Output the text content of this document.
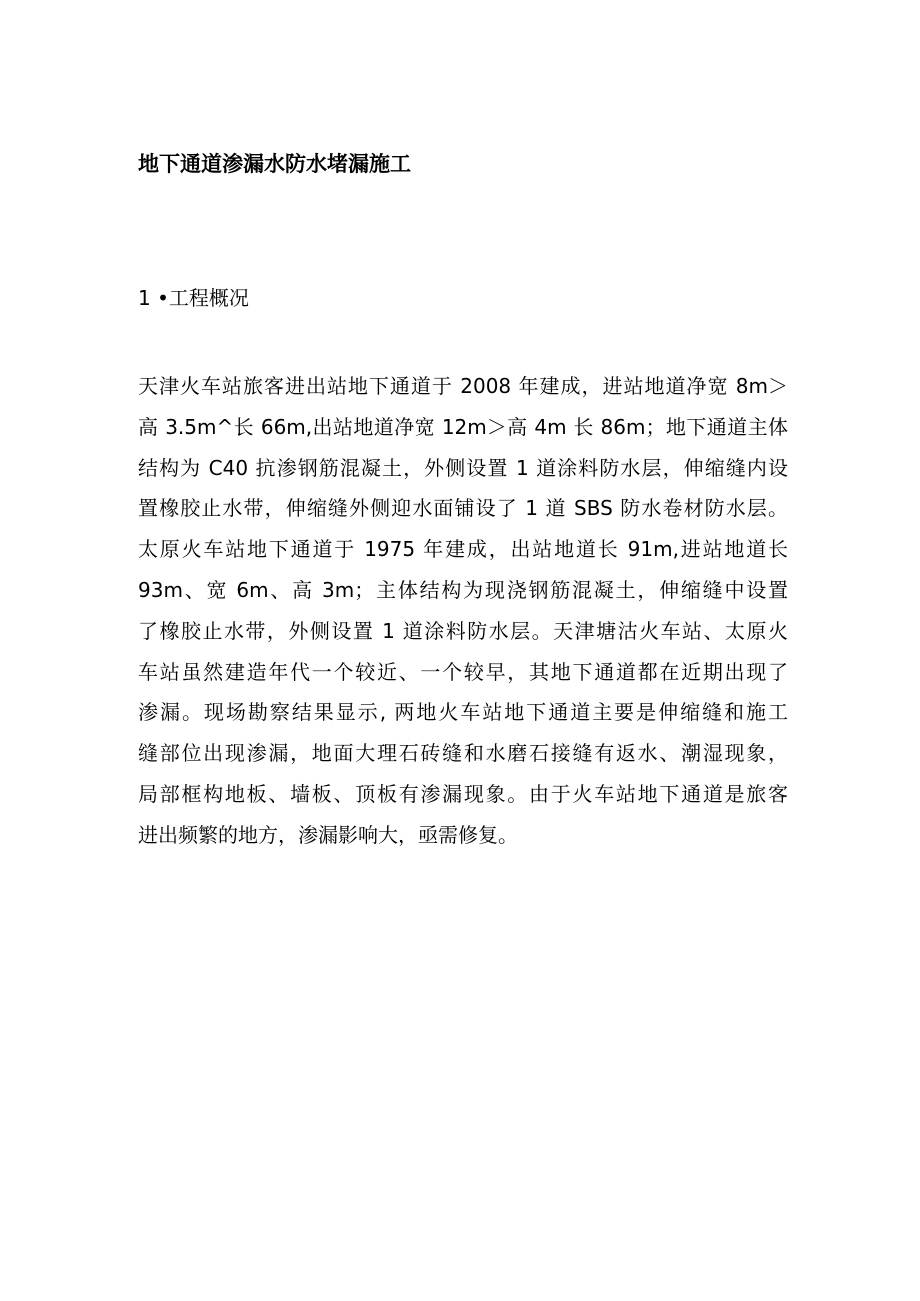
地下通道渗漏水防水堵漏施工
1 •工程概况
天津火车站旅客进出站地下通道于 2008 年建成，进站地道净宽 8m＞
高 3.5m^长 66m,出站地道净宽 12m＞高 4m 长 86m；地下通道主体
结构为 C40 抗渗钢筋混凝土，外侧设置 1 道涂料防水层，伸缩缝内设
置橡胶止水带，伸缩缝外侧迎水面铺设了 1 道 SBS 防水卷材防水层。
太原火车站地下通道于 1975 年建成，出站地道长 91m,进站地道长
93m、宽 6m、高 3m；主体结构为现浇钢筋混凝土，伸缩缝中设置
了橡胶止水带，外侧设置 1 道涂料防水层。天津塘沽火车站、太原火
车站虽然建造年代一个较近、一个较早，其地下通道都在近期出现了
渗漏。现场勘察结果显示, 两地火车站地下通道主要是伸缩缝和施工
缝部位出现渗漏，地面大理石砖缝和水磨石接缝有返水、潮湿现象，
局部框构地板、墙板、顶板有渗漏现象。由于火车站地下通道是旅客
进出频繁的地方，渗漏影响大，亟需修复。
